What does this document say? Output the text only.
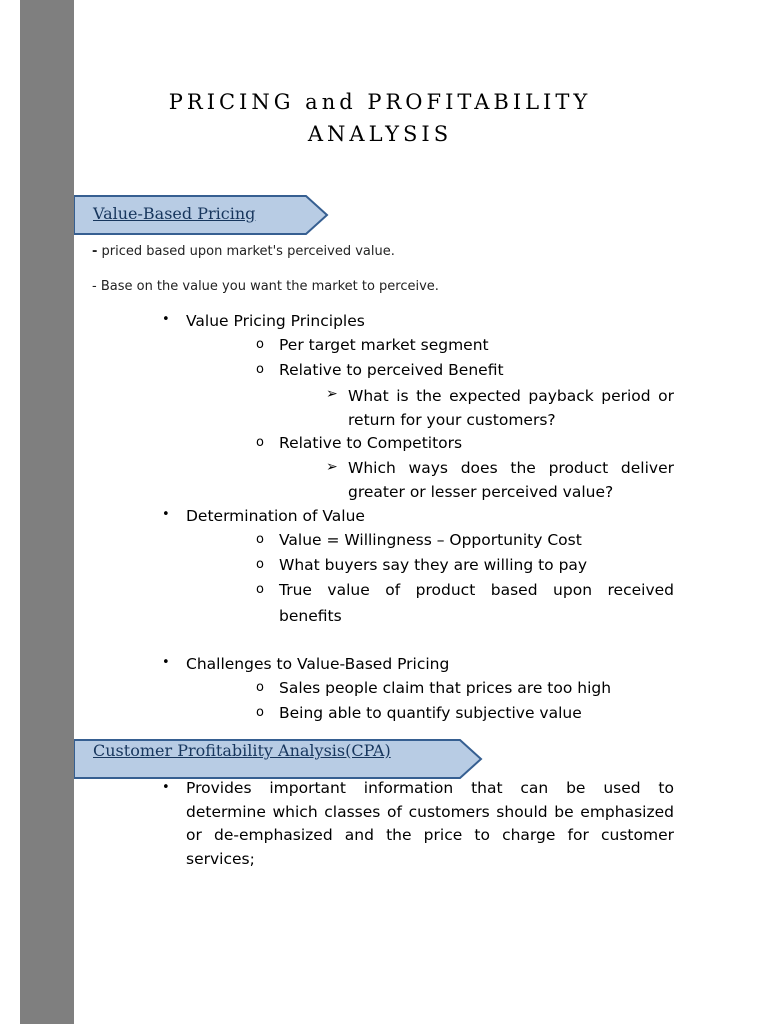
PRICING and PROFITABILITY
ANALYSIS
Value-Based Pricing
- priced based upon market's perceived value.
- Base on the value you want the market to perceive.
• Value Pricing Principles
o Per target market segment
o Relative to perceived Benefit
➢ What is the expected payback period or
return for your customers?
o Relative to Competitors
➢ Which ways does the product deliver
greater or lesser perceived value?
• Determination of Value
o Value = Willingness – Opportunity Cost
o What buyers say they are willing to pay
o True value of product based upon received
benefits
• Challenges to Value-Based Pricing
o Sales people claim that prices are too high
o Being able to quantify subjective value
Customer Profitability Analysis(CPA)
• Provides important information that can be used to
determine which classes of customers should be emphasized
or de-emphasized and the price to charge for customer
services;
